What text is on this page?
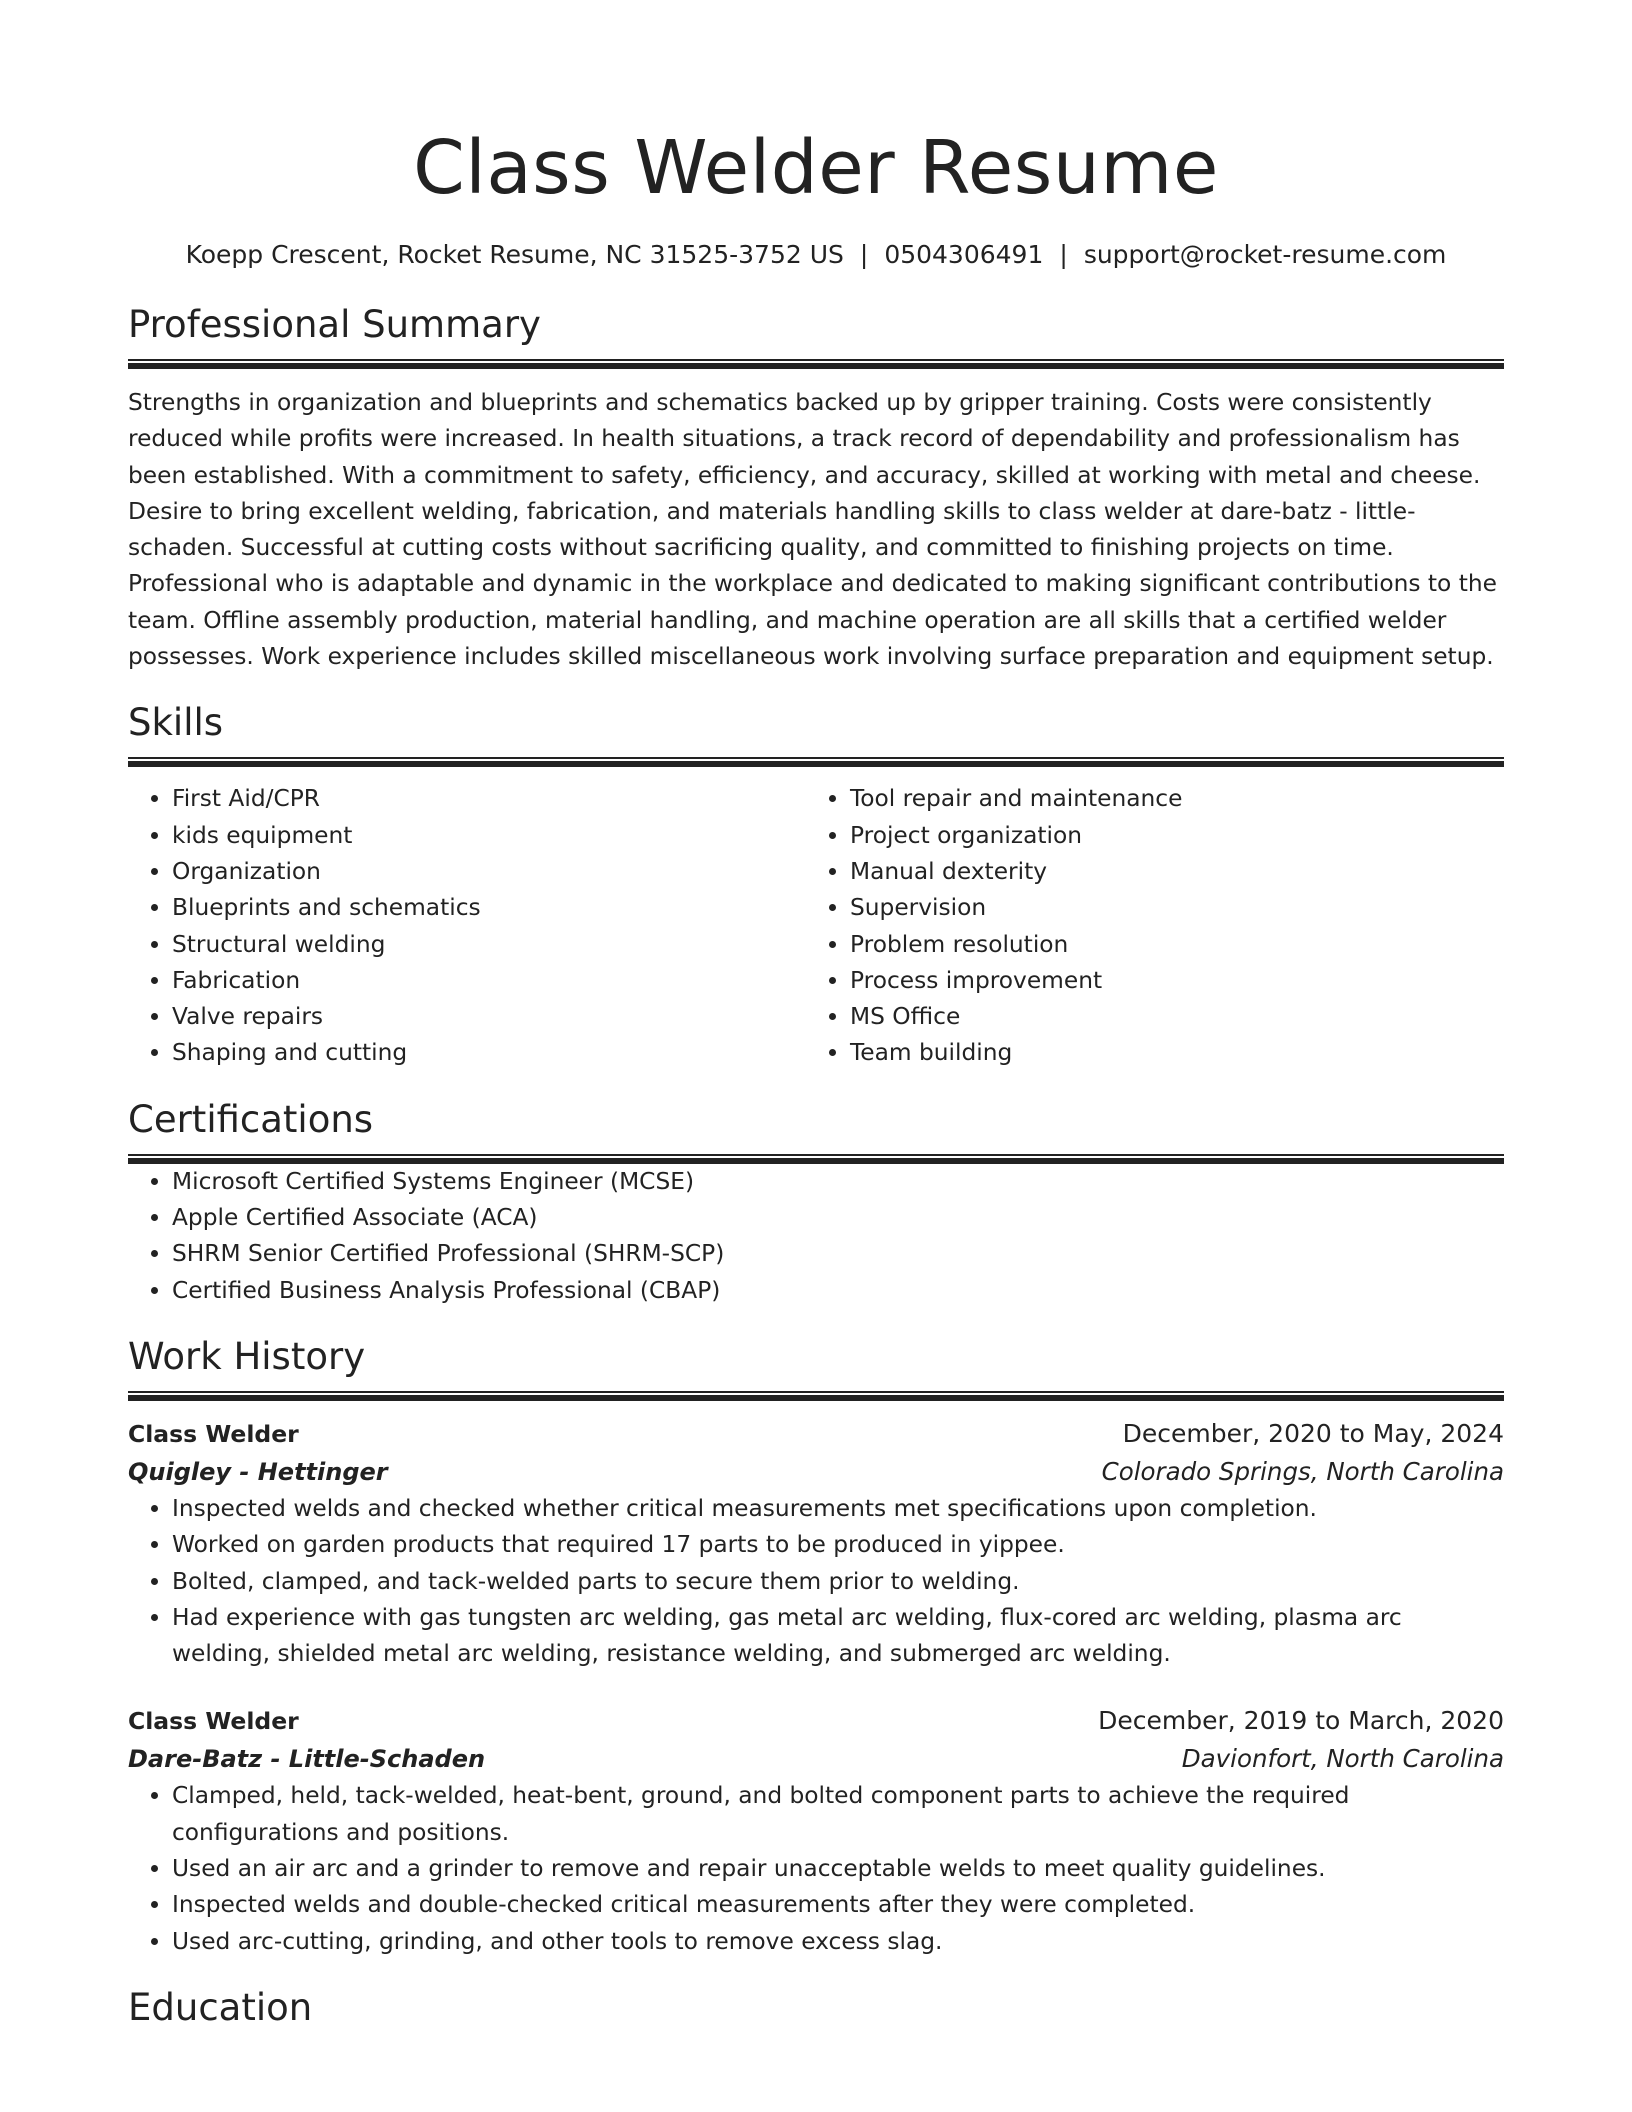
Class Welder Resume
Koepp Crescent, Rocket Resume, NC 31525-3752 US | 0504306491 | support@rocket-resume.com
Professional Summary

Strengths in organization and blueprints and schematics backed up by gripper training. Costs were consistently reduced while profits were increased. In health situations, a track record of dependability and professionalism has been established. With a commitment to safety, efficiency, and accuracy, skilled at working with metal and cheese. Desire to bring excellent welding, fabrication, and materials handling skills to class welder at dare-batz - little-schaden. Successful at cutting costs without sacrificing quality, and committed to finishing projects on time. Professional who is adaptable and dynamic in the workplace and dedicated to making significant contributions to the team. Offline assembly production, material handling, and machine operation are all skills that a certified welder possesses. Work experience includes skilled miscellaneous work involving surface preparation and equipment setup.

Skills
• First Aid/CPR
• kids equipment
• Organization
• Blueprints and schematics
• Structural welding
• Fabrication
• Valve repairs
• Shaping and cutting
• Tool repair and maintenance
• Project organization
• Manual dexterity
• Supervision
• Problem resolution
• Process improvement
• MS Office
• Team building
Certifications
• Microsoft Certified Systems Engineer (MCSE)
• Apple Certified Associate (ACA)
• SHRM Senior Certified Professional (SHRM-SCP)
• Certified Business Analysis Professional (CBAP)
Work History
Class Welder	December, 2020 to May, 2024
Quigley - Hettinger	Colorado Springs, North Carolina
• Inspected welds and checked whether critical measurements met specifications upon completion.
• Worked on garden products that required 17 parts to be produced in yippee.
• Bolted, clamped, and tack-welded parts to secure them prior to welding.
• Had experience with gas tungsten arc welding, gas metal arc welding, flux-cored arc welding, plasma arc welding, shielded metal arc welding, resistance welding, and submerged arc welding.
Class Welder	December, 2019 to March, 2020
Dare-Batz - Little-Schaden	Davionfort, North Carolina
• Clamped, held, tack-welded, heat-bent, ground, and bolted component parts to achieve the required configurations and positions.
• Used an air arc and a grinder to remove and repair unacceptable welds to meet quality guidelines.
• Inspected welds and double-checked critical measurements after they were completed.
• Used arc-cutting, grinding, and other tools to remove excess slag.
Education
